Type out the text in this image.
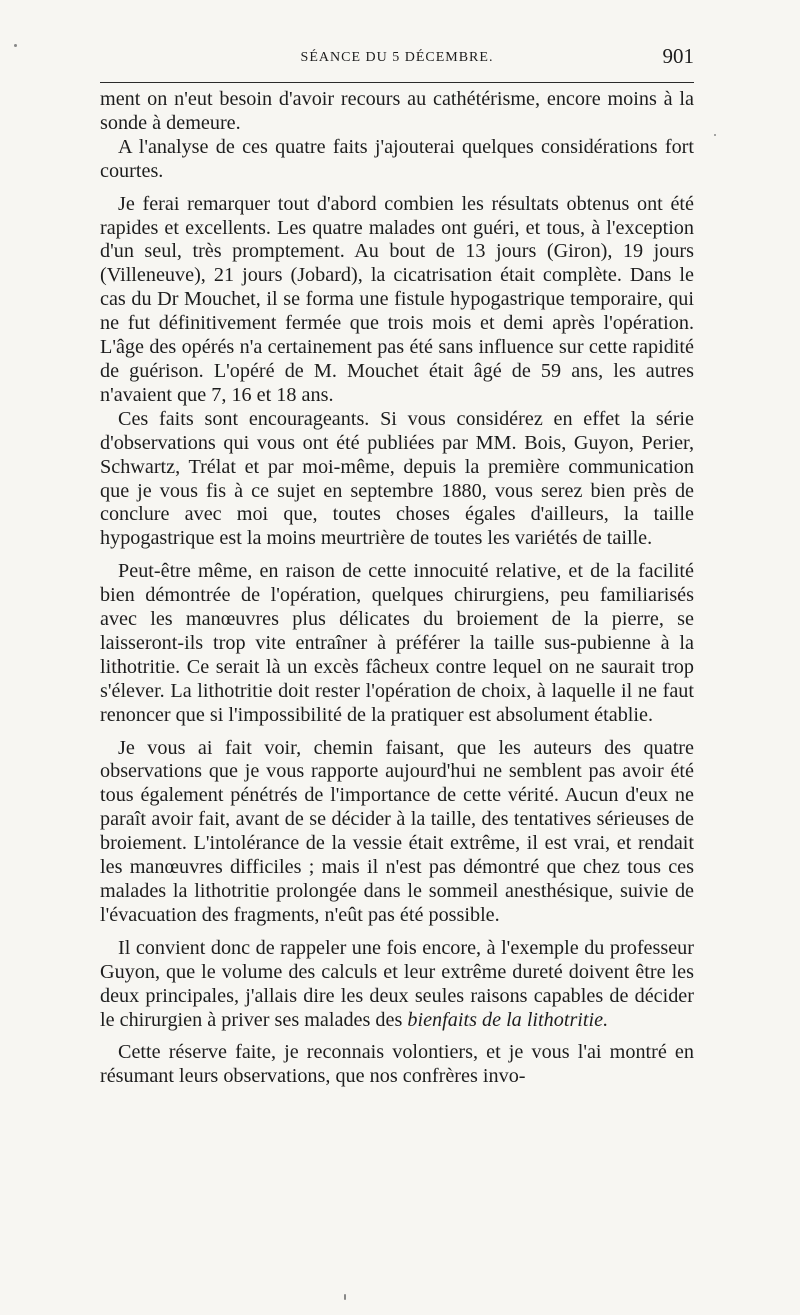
SÉANCE DU 5 DÉCEMBRE.	901

ment on n'eut besoin d'avoir recours au cathétérisme, encore moins à la sonde à demeure.

A l'analyse de ces quatre faits j'ajouterai quelques considérations fort courtes.

Je ferai remarquer tout d'abord combien les résultats obtenus ont été rapides et excellents. Les quatre malades ont guéri, et tous, à l'exception d'un seul, très promptement. Au bout de 13 jours (Giron), 19 jours (Villeneuve), 21 jours (Jobard), la cicatrisation était complète. Dans le cas du Dr Mouchet, il se forma une fistule hypogastrique temporaire, qui ne fut définitivement fermée que trois mois et demi après l'opération. L'âge des opérés n'a certainement pas été sans influence sur cette rapidité de guérison. L'opéré de M. Mouchet était âgé de 59 ans, les autres n'avaient que 7, 16 et 18 ans.

Ces faits sont encourageants. Si vous considérez en effet la série d'observations qui vous ont été publiées par MM. Bois, Guyon, Perier, Schwartz, Trélat et par moi-même, depuis la première communication que je vous fis à ce sujet en septembre 1880, vous serez bien près de conclure avec moi que, toutes choses égales d'ailleurs, la taille hypogastrique est la moins meurtrière de toutes les variétés de taille.

Peut-être même, en raison de cette innocuité relative, et de la facilité bien démontrée de l'opération, quelques chirurgiens, peu familiarisés avec les manœuvres plus délicates du broiement de la pierre, se laisseront-ils trop vite entraîner à préférer la taille sus-pubienne à la lithotritie. Ce serait là un excès fâcheux contre lequel on ne saurait trop s'élever. La lithotritie doit rester l'opération de choix, à laquelle il ne faut renoncer que si l'impossibilité de la pratiquer est absolument établie.

Je vous ai fait voir, chemin faisant, que les auteurs des quatre observations que je vous rapporte aujourd'hui ne semblent pas avoir été tous également pénétrés de l'importance de cette vérité. Aucun d'eux ne paraît avoir fait, avant de se décider à la taille, des tentatives sérieuses de broiement. L'intolérance de la vessie était extrême, il est vrai, et rendait les manœuvres difficiles ; mais il n'est pas démontré que chez tous ces malades la lithotritie prolongée dans le sommeil anesthésique, suivie de l'évacuation des fragments, n'eût pas été possible.

Il convient donc de rappeler une fois encore, à l'exemple du professeur Guyon, que le volume des calculs et leur extrême dureté doivent être les deux principales, j'allais dire les deux seules raisons capables de décider le chirurgien à priver ses malades des bienfaits de la lithotritie.

Cette réserve faite, je reconnais volontiers, et je vous l'ai montré en résumant leurs observations, que nos confrères invo-
